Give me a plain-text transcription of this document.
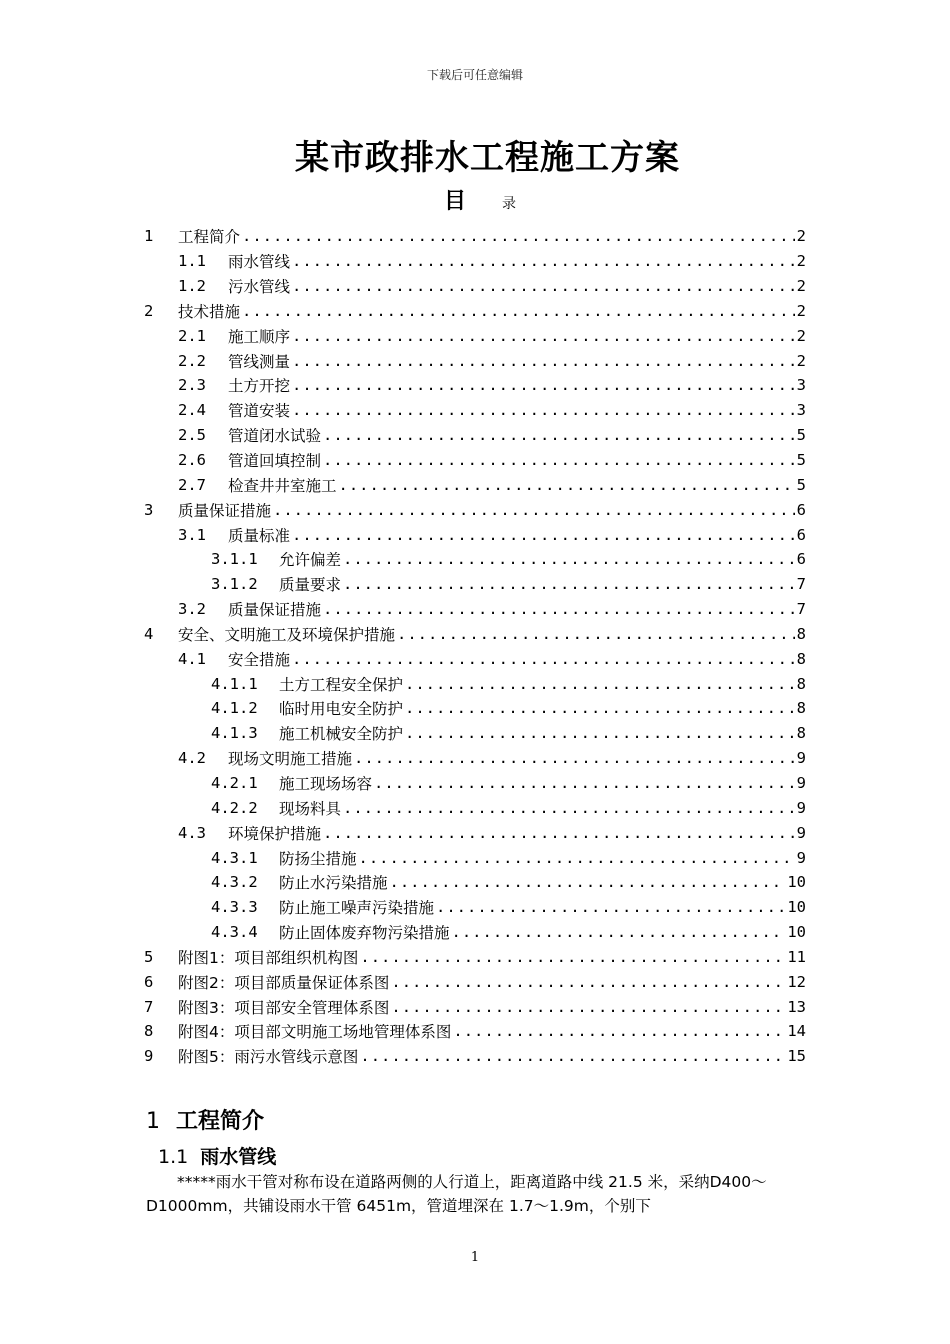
下载后可任意编辑
某市政排水工程施工方案
目	录
1	工程简介 .....	2
1.1	雨水管线 .....	2
1.2	污水管线 .....	2
2	技术措施 .....	2
2.1	施工顺序 .....	2
2.2	管线测量 .....	2
2.3	土方开挖 .....	3
2.4	管道安装 .....	3
2.5	管道闭水试验 .....	5
2.6	管道回填控制 .....	5
2.7	检查井井室施工 .....	5
3	质量保证措施 .....	6
3.1	质量标准 .....	6
3.1.1	允许偏差 .....	6
3.1.2	质量要求 .....	7
3.2	质量保证措施 .....	7
4	安全、文明施工及环境保护措施 .....	8
4.1	安全措施 .....	8
4.1.1	土方工程安全保护 .....	8
4.1.2	临时用电安全防护 .....	8
4.1.3	施工机械安全防护 .....	8
4.2	现场文明施工措施 .....	9
4.2.1	施工现场场容 .....	9
4.2.2	现场料具 .....	9
4.3	环境保护措施 .....	9
4.3.1	防扬尘措施 .....	9
4.3.2	防止水污染措施 .....	10
4.3.3	防止施工噪声污染措施 .....	10
4.3.4	防止固体废弃物污染措施 .....	10
5	附图1：项目部组织机构图 .....	11
6	附图2：项目部质量保证体系图 .....	12
7	附图3：项目部安全管理体系图 .....	13
8	附图4：项目部文明施工场地管理体系图 .....	14
9	附图5：雨污水管线示意图 .....	15
1 工程简介
1.1 雨水管线

*****雨水干管对称布设在道路两侧的人行道上，距离道路中线 21.5 米，采纳D400～D1000mm，共铺设雨水干管 6451m，管道埋深在 1.7～1.9m，个别下

1
